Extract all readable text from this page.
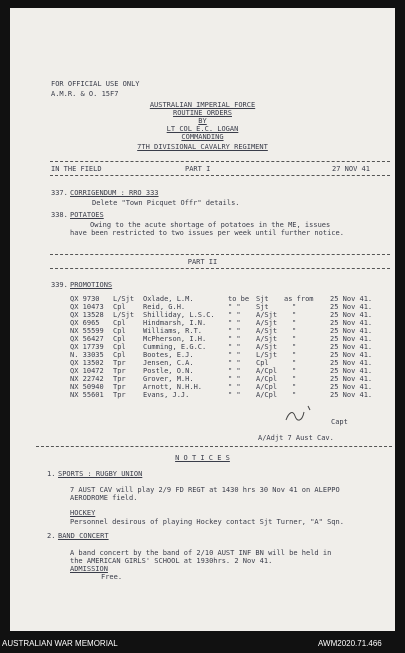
FOR OFFICIAL USE ONLY
A.M.R. & O. 15F7
AUSTRALIAN IMPERIAL FORCE
ROUTINE ORDERS
BY
LT COL E.C. LOGAN
COMMANDING
7TH DIVISIONAL CAVALRY REGIMENT
IN THE FIELD	PART I	27 NOV 41
337. CORRIGENDUM : RRO 333
Delete "Town Picquet Offr" details.
338. POTATOES
Owing to the acute shortage of potatoes in the ME, issues
have been restricted to two issues per week until further notice.
PART II
339. PROMOTIONS
QX 9730 L/Sjt Oxlade, L.M.	to be Sjt as from 25 Nov 41.
QX 10473 Cpl Reid, G.H.	" " Sjt	"	25 Nov 41.
QX 13528 L/Sjt Shilliday, L.S.C. " " A/Sjt "	25 Nov 41.
QX 6965 Cpl Hindmarsh, I.N.	" " A/Sjt "	25 Nov 41.
NX 55599 Cpl Williams, R.T.	" " A/Sjt "	25 Nov 41.
QX 56427 Cpl McPherson, I.H.	" " A/Sjt "	25 Nov 41.
QX 17739 Cpl Cumming, E.G.C.	" " A/Sjt "	25 Nov 41.
N. 33035 Cpl Bootes, E.J.	" " L/Sjt "	25 Nov 41.
QX 13502 Tpr Jensen, C.A.	" " Cpl	"	25 Nov 41.
QX 10472 Tpr Postle, O.N.	" " A/Cpl "	25 Nov 41.
NX 22742 Tpr Grover, M.H.	" " A/Cpl "	25 Nov 41.
NX 50940 Tpr Arnott, N.H.H.	" " A/Cpl "	25 Nov 41.
NX 55601 Tpr Evans, J.J.	" " A/Cpl "	25 Nov 41.
Capt
A/Adjt 7 Aust Cav.
N O T I C E S
1. SPORTS : RUGBY UNION
7 AUST CAV will play 2/9 FD REGT at 1430 hrs 30 Nov 41 on ALEPPO
AERODROME field.
HOCKEY
Personnel desirous of playing Hockey contact Sjt Turner, "A" Sqn.
2. BAND CONCERT
A band concert by the band of 2/10 AUST INF BN will be held in
the AMERICAN GIRLS' SCHOOL at 1930hrs. 2 Nov 41.
ADMISSION
Free.
AUSTRALIAN WAR MEMORIAL	AWM2020.71.466
